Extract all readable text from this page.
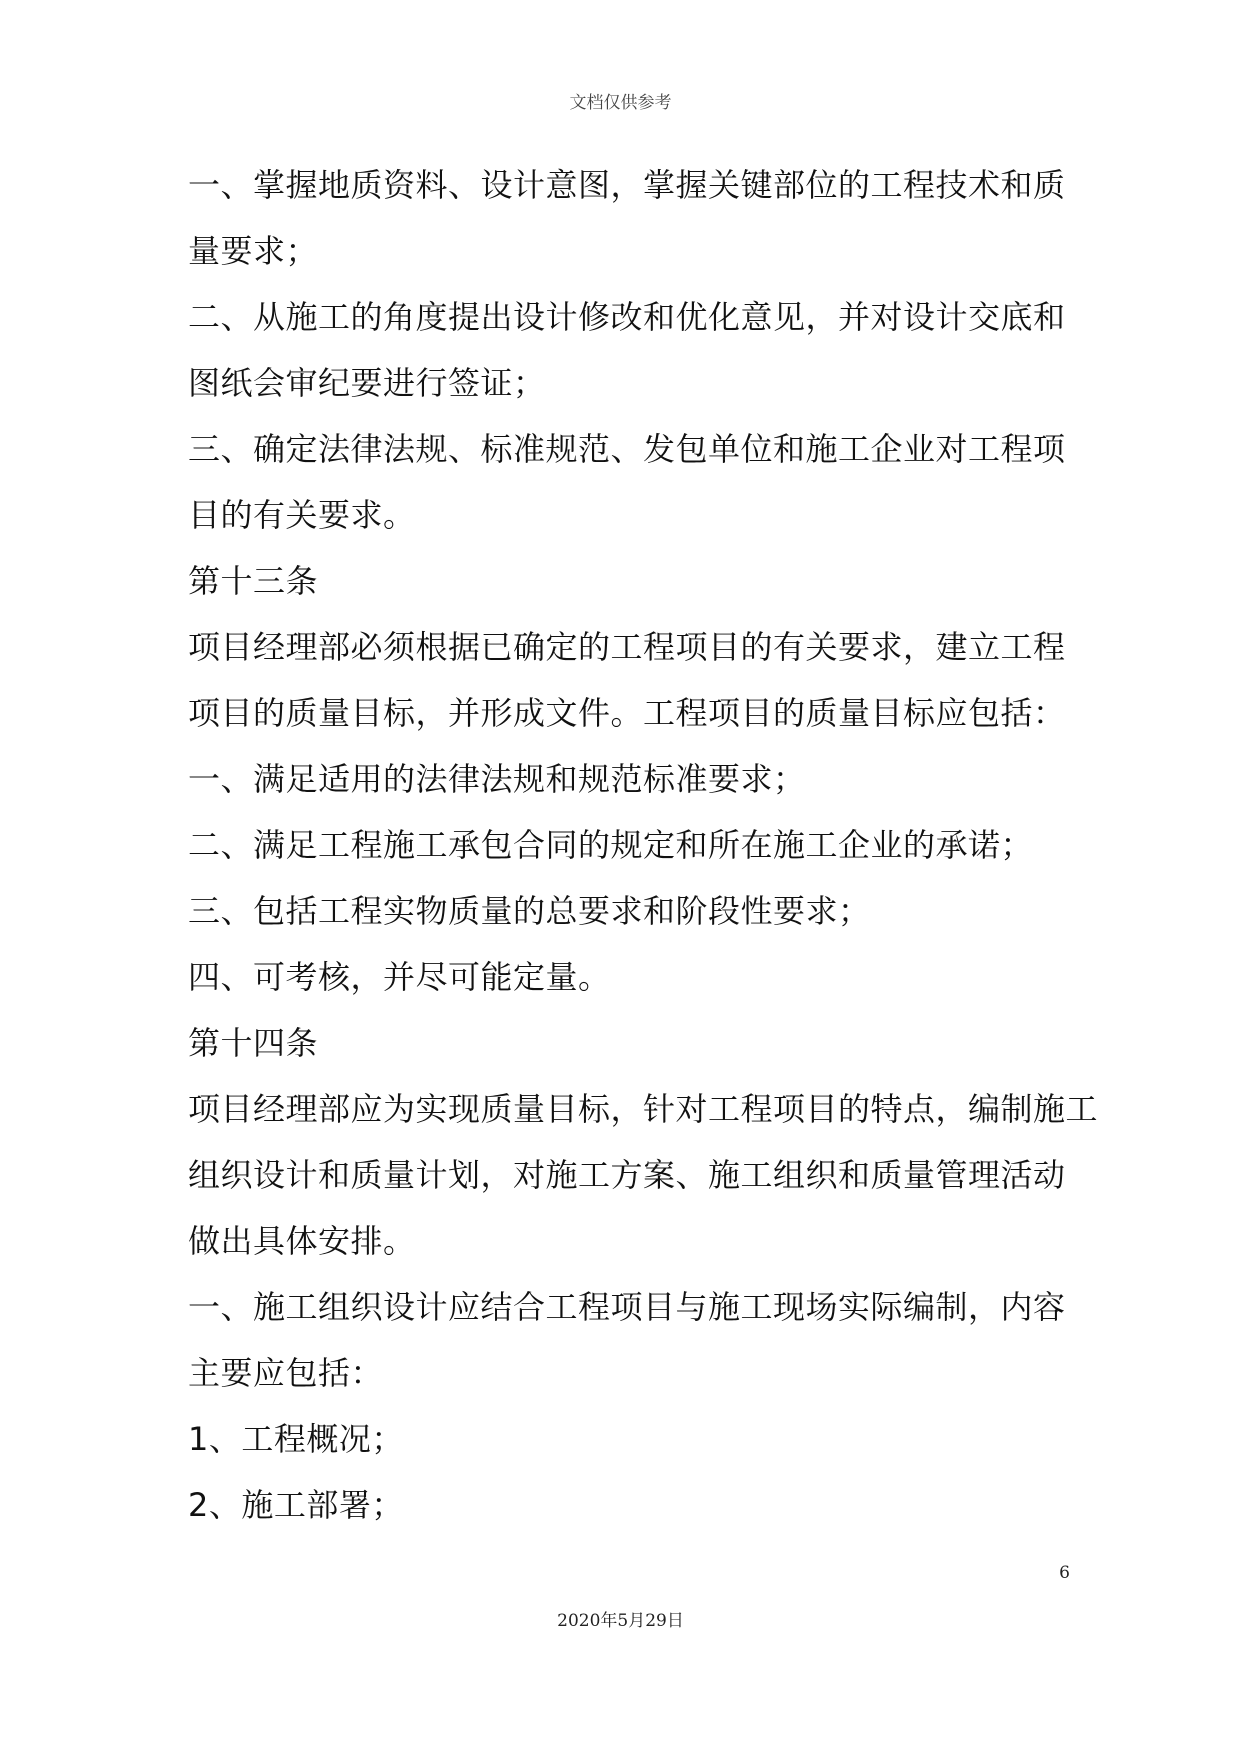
文档仅供参考
一、掌握地质资料、设计意图，掌握关键部位的工程技术和质
量要求；
二、从施工的角度提出设计修改和优化意见，并对设计交底和
图纸会审纪要进行签证；
三、确定法律法规、标准规范、发包单位和施工企业对工程项
目的有关要求。
第十三条
项目经理部必须根据已确定的工程项目的有关要求，建立工程
项目的质量目标，并形成文件。工程项目的质量目标应包括：
一、满足适用的法律法规和规范标准要求；
二、满足工程施工承包合同的规定和所在施工企业的承诺；
三、包括工程实物质量的总要求和阶段性要求；
四、可考核，并尽可能定量。
第十四条
项目经理部应为实现质量目标，针对工程项目的特点，编制施工
组织设计和质量计划，对施工方案、施工组织和质量管理活动
做出具体安排。
一、施工组织设计应结合工程项目与施工现场实际编制，内容
主要应包括：
1、工程概况；
2、施工部署；
6
2020年5月29日
